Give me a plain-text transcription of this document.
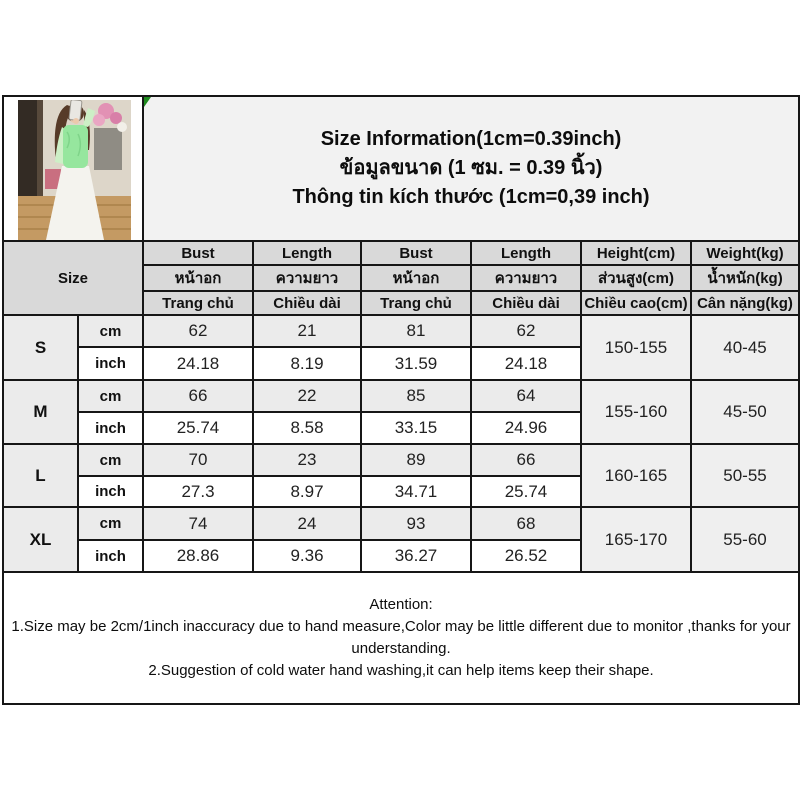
Size Information(1cm=0.39inch)
ข้อมูลขนาด (1 ซม. = 0.39 นิ้ว)
Thông tin kích thước (1cm=0,39 inch)					

Size		Bust	Length	Bust	Length	Height(cm)	Weight(kg)
		หน้าอก	ความยาว	หน้าอก	ความยาว	ส่วนสูง(cm)	น้ำหนัก(kg)
		Trang chủ	Chiều dài	Trang chủ	Chiều dài	Chiều cao(cm)	Cân nặng(kg)
S	cm	62	21	81	62	150-155	40-45
	inch	24.18	8.19	31.59	24.18		
M	cm	66	22	85	64	155-160	45-50
	inch	25.74	8.58	33.15	24.96		
L	cm	70	23	89	66	160-165	50-55
	inch	27.3	8.97	34.71	25.74		
XL	cm	74	24	93	68	165-170	55-60
	inch	28.86	9.36	36.27	26.52		

Attention:
1.Size may be 2cm/1inch inaccuracy due to hand measure,Color may be little different due to monitor ,thanks for your understanding.
2.Suggestion of cold water hand washing,it can help items keep their shape.							
